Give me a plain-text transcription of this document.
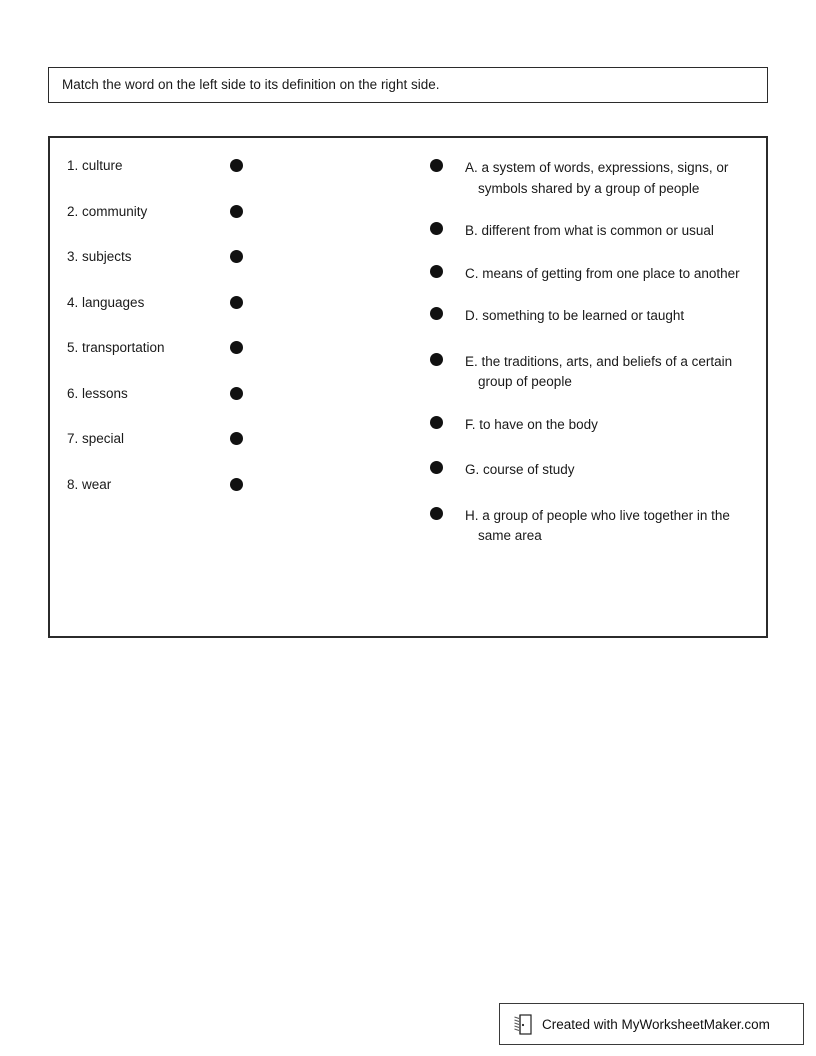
Match the word on the left side to its definition on the right side.
1. culture
2. community
3. subjects
4. languages
5. transportation
6. lessons
7. special
8. wear
A. a system of words, expressions, signs, or symbols shared by a group of people
B. different from what is common or usual
C. means of getting from one place to another
D. something to be learned or taught
E. the traditions, arts, and beliefs of a certain group of people
F. to have on the body
G. course of study
H. a group of people who live together in the same area
Created with MyWorksheetMaker.com
